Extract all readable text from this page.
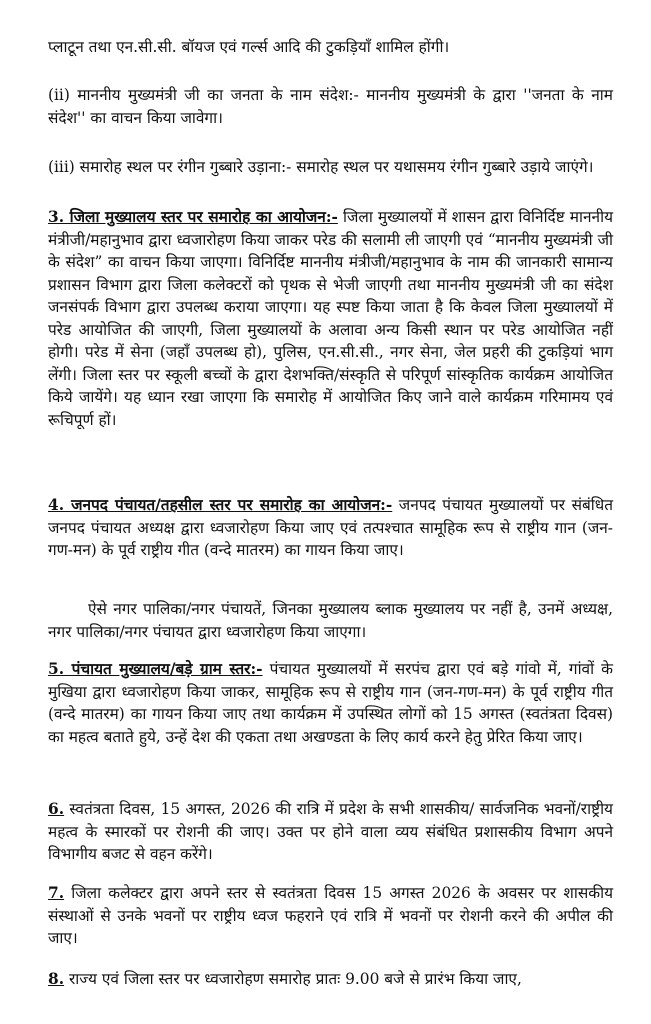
प्लाटून तथा एन.सी.सी. बॉयज एवं गर्ल्स आदि की टुकड़ियाँ शामिल होंगी।

(ii) माननीय मुख्यमंत्री जी का जनता के नाम संदेश:- माननीय मुख्यमंत्री के द्वारा ''जनता के नाम संदेश'' का वाचन किया जावेगा।

(iii) समारोह स्थल पर रंगीन गुब्बारे उड़ाना:- समारोह स्थल पर यथासमय रंगीन गुब्बारे उड़ाये जाएंगे।

3. जिला मुख्यालय स्तर पर समारोह का आयोजन:- जिला मुख्यालयों में शासन द्वारा विनिर्दिष्ट माननीय मंत्रीजी/महानुभाव द्वारा ध्वजारोहण किया जाकर परेड की सलामी ली जाएगी एवं “माननीय मुख्यमंत्री जी के संदेश” का वाचन किया जाएगा। विनिर्दिष्ट माननीय मंत्रीजी/महानुभाव के नाम की जानकारी सामान्य प्रशासन विभाग द्वारा जिला कलेक्टरों को पृथक से भेजी जाएगी तथा माननीय मुख्यमंत्री जी का संदेश जनसंपर्क विभाग द्वारा उपलब्ध कराया जाएगा। यह स्पष्ट किया जाता है कि केवल जिला मुख्यालयों में परेड आयोजित की जाएगी, जिला मुख्यालयों के अलावा अन्य किसी स्थान पर परेड आयोजित नहीं होगी। परेड में सेना (जहाँ उपलब्ध हो), पुलिस, एन.सी.सी., नगर सेना, जेल प्रहरी की टुकड़ियां भाग लेंगी। जिला स्तर पर स्कूली बच्चों के द्वारा देशभक्ति/संस्कृति से परिपूर्ण सांस्कृतिक कार्यक्रम आयोजित किये जायेंगे। यह ध्यान रखा जाएगा कि समारोह में आयोजित किए जाने वाले कार्यक्रम गरिमामय एवं रूचिपूर्ण हों।

4. जनपद पंचायत/तहसील स्तर पर समारोह का आयोजन:- जनपद पंचायत मुख्यालयों पर संबंधित जनपद पंचायत अध्यक्ष द्वारा ध्वजारोहण किया जाए एवं तत्पश्चात सामूहिक रूप से राष्ट्रीय गान (जन-गण-मन) के पूर्व राष्ट्रीय गीत (वन्दे मातरम) का गायन किया जाए।

ऐसे नगर पालिका/नगर पंचायतें, जिनका मुख्यालय ब्लाक मुख्यालय पर नहीं है, उनमें अध्यक्ष, नगर पालिका/नगर पंचायत द्वारा ध्वजारोहण किया जाएगा।

5. पंचायत मुख्यालय/बड़े ग्राम स्तर:- पंचायत मुख्यालयों में सरपंच द्वारा एवं बड़े गांवो में, गांवों के मुखिया द्वारा ध्वजारोहण किया जाकर, सामूहिक रूप से राष्ट्रीय गान (जन-गण-मन) के पूर्व राष्ट्रीय गीत (वन्दे मातरम) का गायन किया जाए तथा कार्यक्रम में उपस्थित लोगों को 15 अगस्त (स्वतंत्रता दिवस) का महत्व बताते हुये, उन्हें देश की एकता तथा अखण्डता के लिए कार्य करने हेतु प्रेरित किया जाए।

6. स्वतंत्रता दिवस, 15 अगस्त, 2026 की रात्रि में प्रदेश के सभी शासकीय/ सार्वजनिक भवनों/राष्ट्रीय महत्व के स्मारकों पर रोशनी की जाए। उक्त पर होने वाला व्यय संबंधित प्रशासकीय विभाग अपने विभागीय बजट से वहन करेंगे।

7. जिला कलेक्टर द्वारा अपने स्तर से स्वतंत्रता दिवस 15 अगस्त 2026 के अवसर पर शासकीय संस्थाओं से उनके भवनों पर राष्ट्रीय ध्वज फहराने एवं रात्रि में भवनों पर रोशनी करने की अपील की जाए।

8. राज्य एवं जिला स्तर पर ध्वजारोहण समारोह प्रातः 9.00 बजे से प्रारंभ किया जाए,
